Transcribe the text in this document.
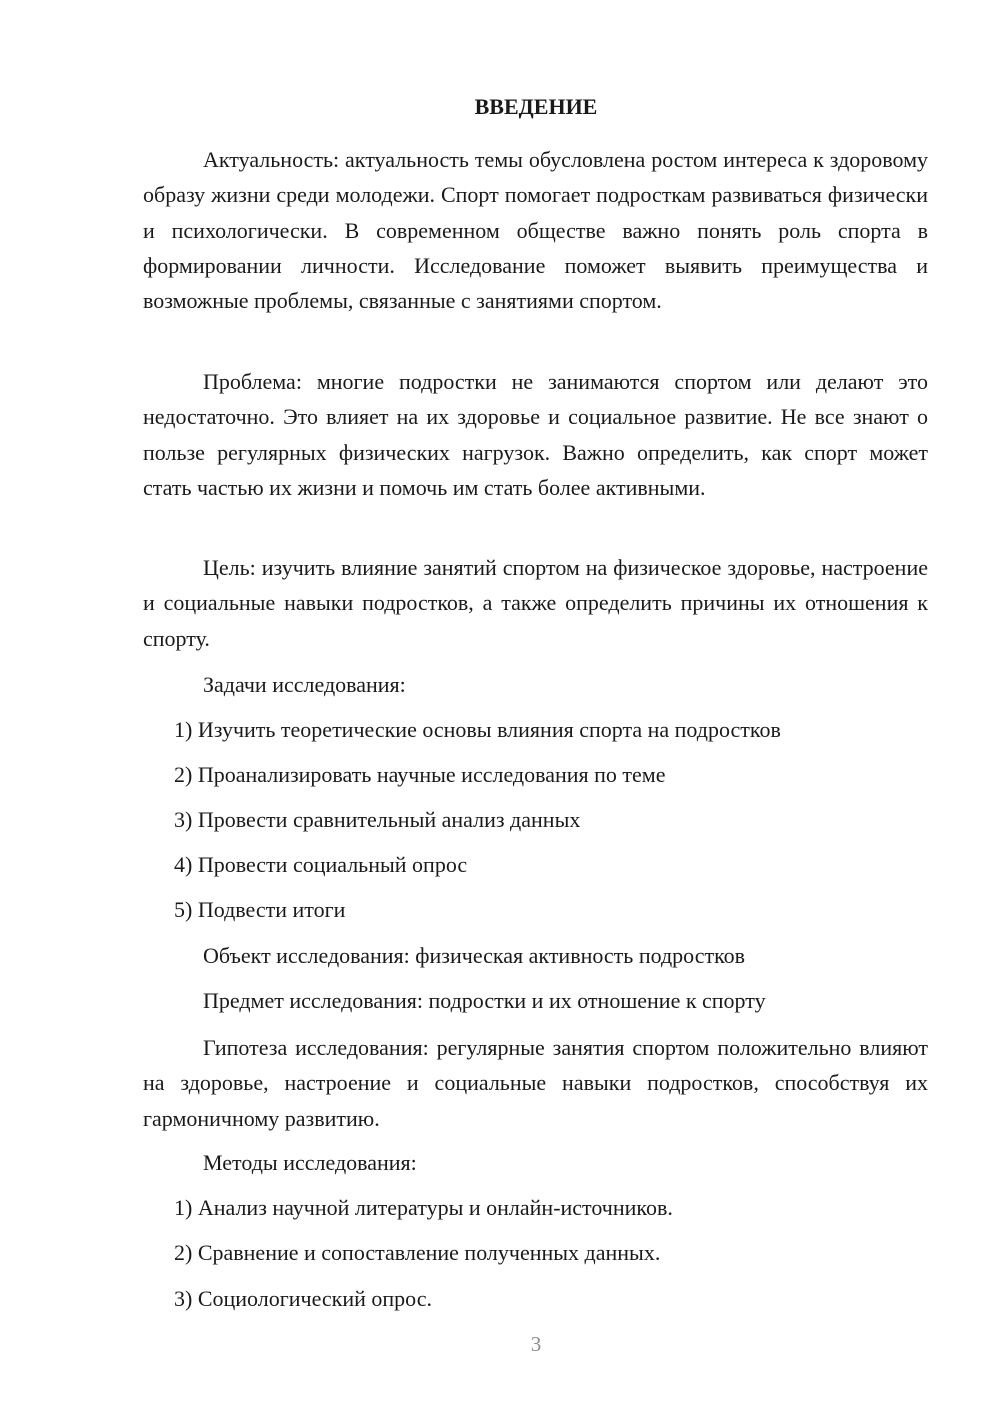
ВВЕДЕНИЕ

Актуальность: актуальность темы обусловлена ростом интереса к здоровому образу жизни среди молодежи. Спорт помогает подросткам развиваться физически и психологически. В современном обществе важно понять роль спорта в формировании личности. Исследование поможет выявить преимущества и возможные проблемы, связанные с занятиями спортом.

Проблема: многие подростки не занимаются спортом или делают это недостаточно. Это влияет на их здоровье и социальное развитие. Не все знают о пользе регулярных физических нагрузок. Важно определить, как спорт может стать частью их жизни и помочь им стать более активными.

Цель: изучить влияние занятий спортом на физическое здоровье, настроение и социальные навыки подростков, а также определить причины их отношения к спорту.

Задачи исследования:

1) Изучить теоретические основы влияния спорта на подростков

2) Проанализировать научные исследования по теме

3) Провести сравнительный анализ данных

4) Провести социальный опрос

5) Подвести итоги

Объект исследования: физическая активность подростков

Предмет исследования: подростки и их отношение к спорту

Гипотеза исследования: регулярные занятия спортом положительно влияют на здоровье, настроение и социальные навыки подростков, способствуя их гармоничному развитию.

Методы исследования:

1) Анализ научной литературы и онлайн-источников.

2) Сравнение и сопоставление полученных данных.

3) Социологический опрос.

3
